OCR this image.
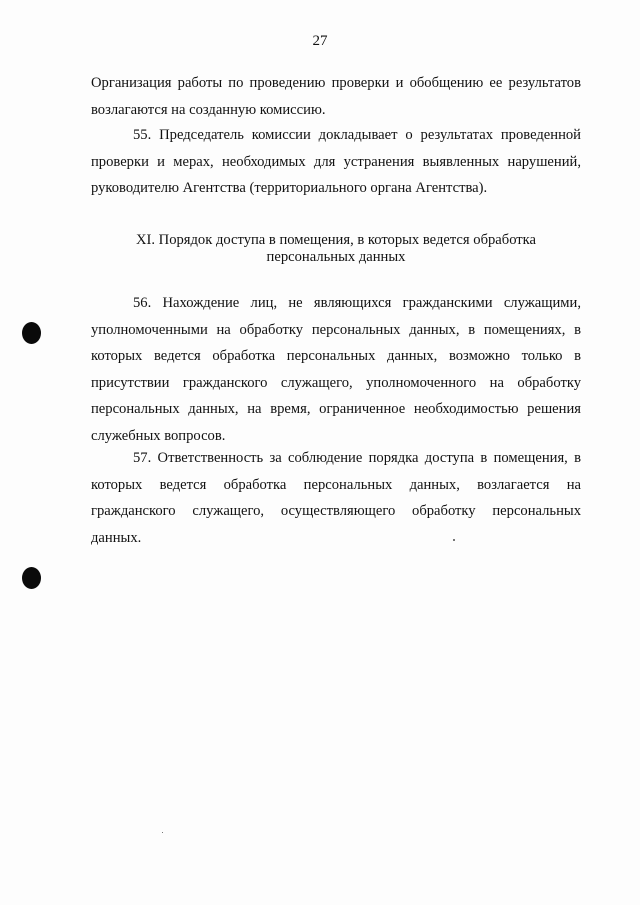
27
Организация работы по проведению проверки и обобщению ее результатов возлагаются на созданную комиссию.
55. Председатель комиссии докладывает о результатах проведенной проверки и мерах, необходимых для устранения выявленных нарушений, руководителю Агентства (территориального органа Агентства).
XI. Порядок доступа в помещения, в которых ведется обработка
персональных данных
56. Нахождение лиц, не являющихся гражданскими служащими, уполномоченными на обработку персональных данных, в помещениях, в которых ведется обработка персональных данных, возможно только в присутствии гражданского служащего, уполномоченного на обработку персональных данных, на время, ограниченное необходимостью решения служебных вопросов.
57. Ответственность за соблюдение порядка доступа в помещения, в которых ведется обработка персональных данных, возлагается на гражданского служащего, осуществляющего обработку персональных данных.
